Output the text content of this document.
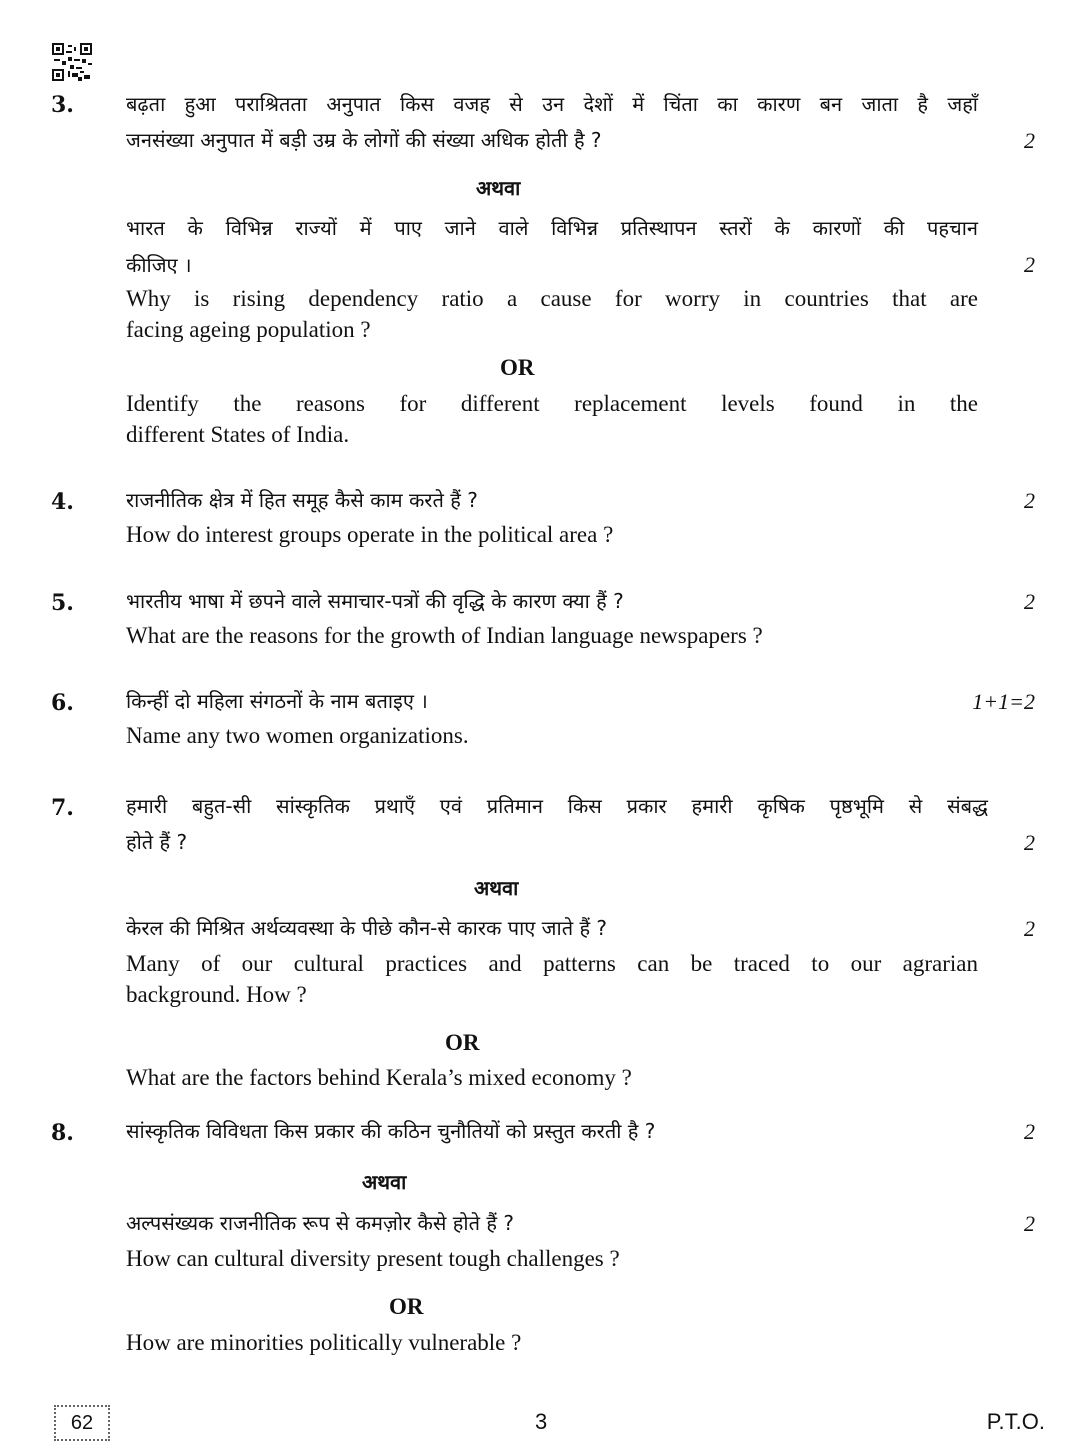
3.	बढ़ता हुआ पराश्रितता अनुपात किस वजह से उन देशों में चिंता का कारण बन जाता है जहाँ
जनसंख्या अनुपात में बड़ी उम्र के लोगों की संख्या अधिक होती है ?	2
अथवा
भारत के विभिन्न राज्यों में पाए जाने वाले विभिन्न प्रतिस्थापन स्तरों के कारणों की पहचान
कीजिए ।	2
Why is rising dependency ratio a cause for worry in countries that are
facing ageing population ?
OR
Identify the reasons for different replacement levels found in the
different States of India.
4.	राजनीतिक क्षेत्र में हित समूह कैसे काम करते हैं ?	2
How do interest groups operate in the political area ?
5.	भारतीय भाषा में छपने वाले समाचार-पत्रों की वृद्धि के कारण क्या हैं ?	2
What are the reasons for the growth of Indian language newspapers ?
6.	किन्हीं दो महिला संगठनों के नाम बताइए ।	1+1=2
Name any two women organizations.
7.	हमारी बहुत-सी सांस्कृतिक प्रथाएँ एवं प्रतिमान किस प्रकार हमारी कृषिक पृष्ठभूमि से संबद्ध
होते हैं ?	2
अथवा
केरल की मिश्रित अर्थव्यवस्था के पीछे कौन-से कारक पाए जाते हैं ?	2
Many of our cultural practices and patterns can be traced to our agrarian
background. How ?
OR
What are the factors behind Kerala’s mixed economy ?
8.	सांस्कृतिक विविधता किस प्रकार की कठिन चुनौतियों को प्रस्तुत करती है ?	2
अथवा
अल्पसंख्यक राजनीतिक रूप से कमज़ोर कैसे होते हैं ?	2
How can cultural diversity present tough challenges ?
OR
How are minorities politically vulnerable ?
62	3	P.T.O.
